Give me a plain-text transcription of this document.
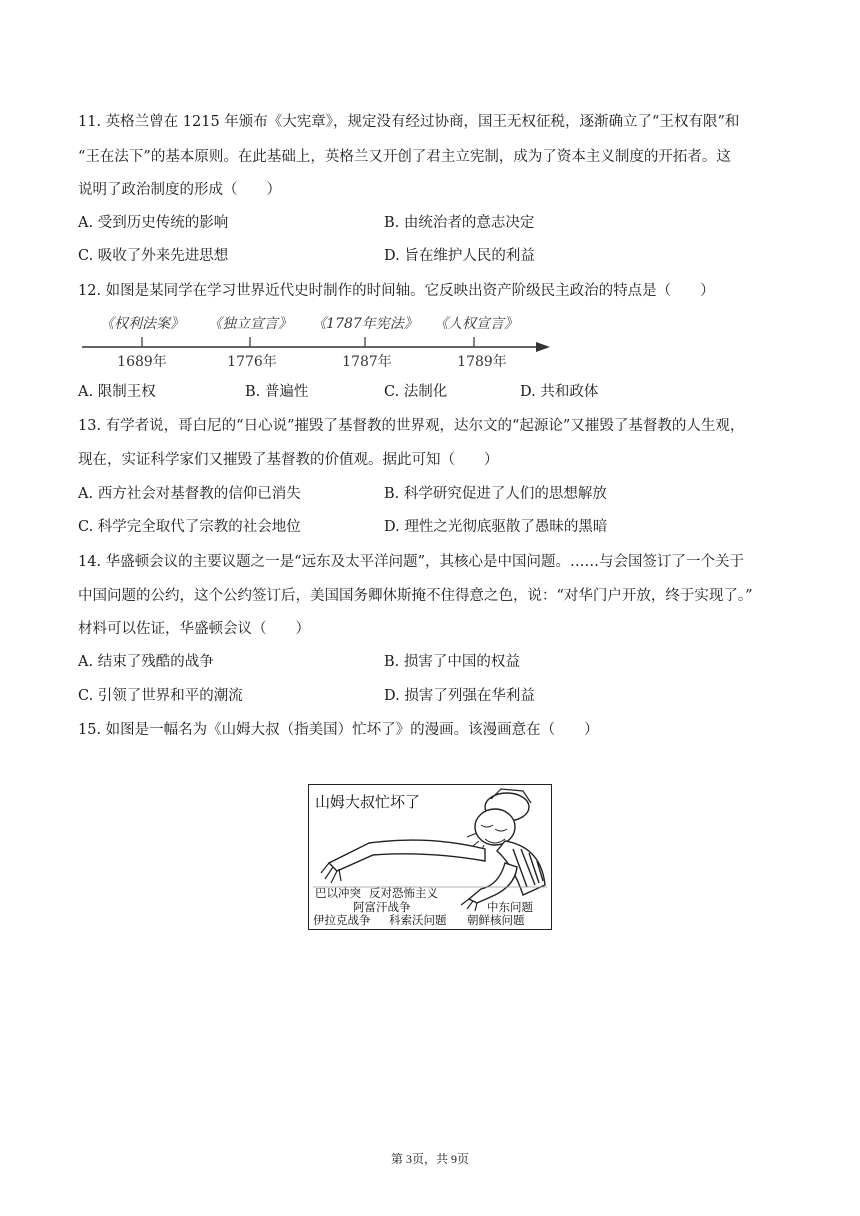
11. 英格兰曾在 1215 年颁布《大宪章》，规定没有经过协商，国王无权征税，逐渐确立了“王权有限”和
“王在法下”的基本原则。在此基础上，英格兰又开创了君主立宪制，成为了资本主义制度的开拓者。这
说明了政治制度的形成（　　）
A. 受到历史传统的影响	B. 由统治者的意志决定
C. 吸收了外来先进思想	D. 旨在维护人民的利益
12. 如图是某同学在学习世界近代史时制作的时间轴。它反映出资产阶级民主政治的特点是（　　）
《权利法案》
1689年
《独立宣言》
1776年
《1787年宪法》
1787年
《人权宣言》
1789年
A. 限制王权	B. 普遍性	C. 法制化	D. 共和政体
13. 有学者说，哥白尼的“日心说”摧毁了基督教的世界观，达尔文的“起源论”又摧毁了基督教的人生观，
现在，实证科学家们又摧毁了基督教的价值观。据此可知（　　）
A. 西方社会对基督教的信仰已消失	B. 科学研究促进了人们的思想解放
C. 科学完全取代了宗教的社会地位	D. 理性之光彻底驱散了愚昧的黑暗
14. 华盛顿会议的主要议题之一是“远东及太平洋问题”，其核心是中国问题。……与会国签订了一个关于
中国问题的公约，这个公约签订后，美国国务卿休斯掩不住得意之色，说：“对华门户开放，终于实现了。”
材料可以佐证，华盛顿会议（　　）
A. 结束了残酷的战争	B. 损害了中国的权益
C. 引领了世界和平的潮流	D. 损害了列强在华利益
15. 如图是一幅名为《山姆大叔（指美国）忙坏了》的漫画。该漫画意在（　　）
山姆大叔忙坏了
巴以冲突 反对恐怖主义
阿富汗战争	中东问题
伊拉克战争 科索沃问题 朝鲜核问题
第 3页，共 9页
